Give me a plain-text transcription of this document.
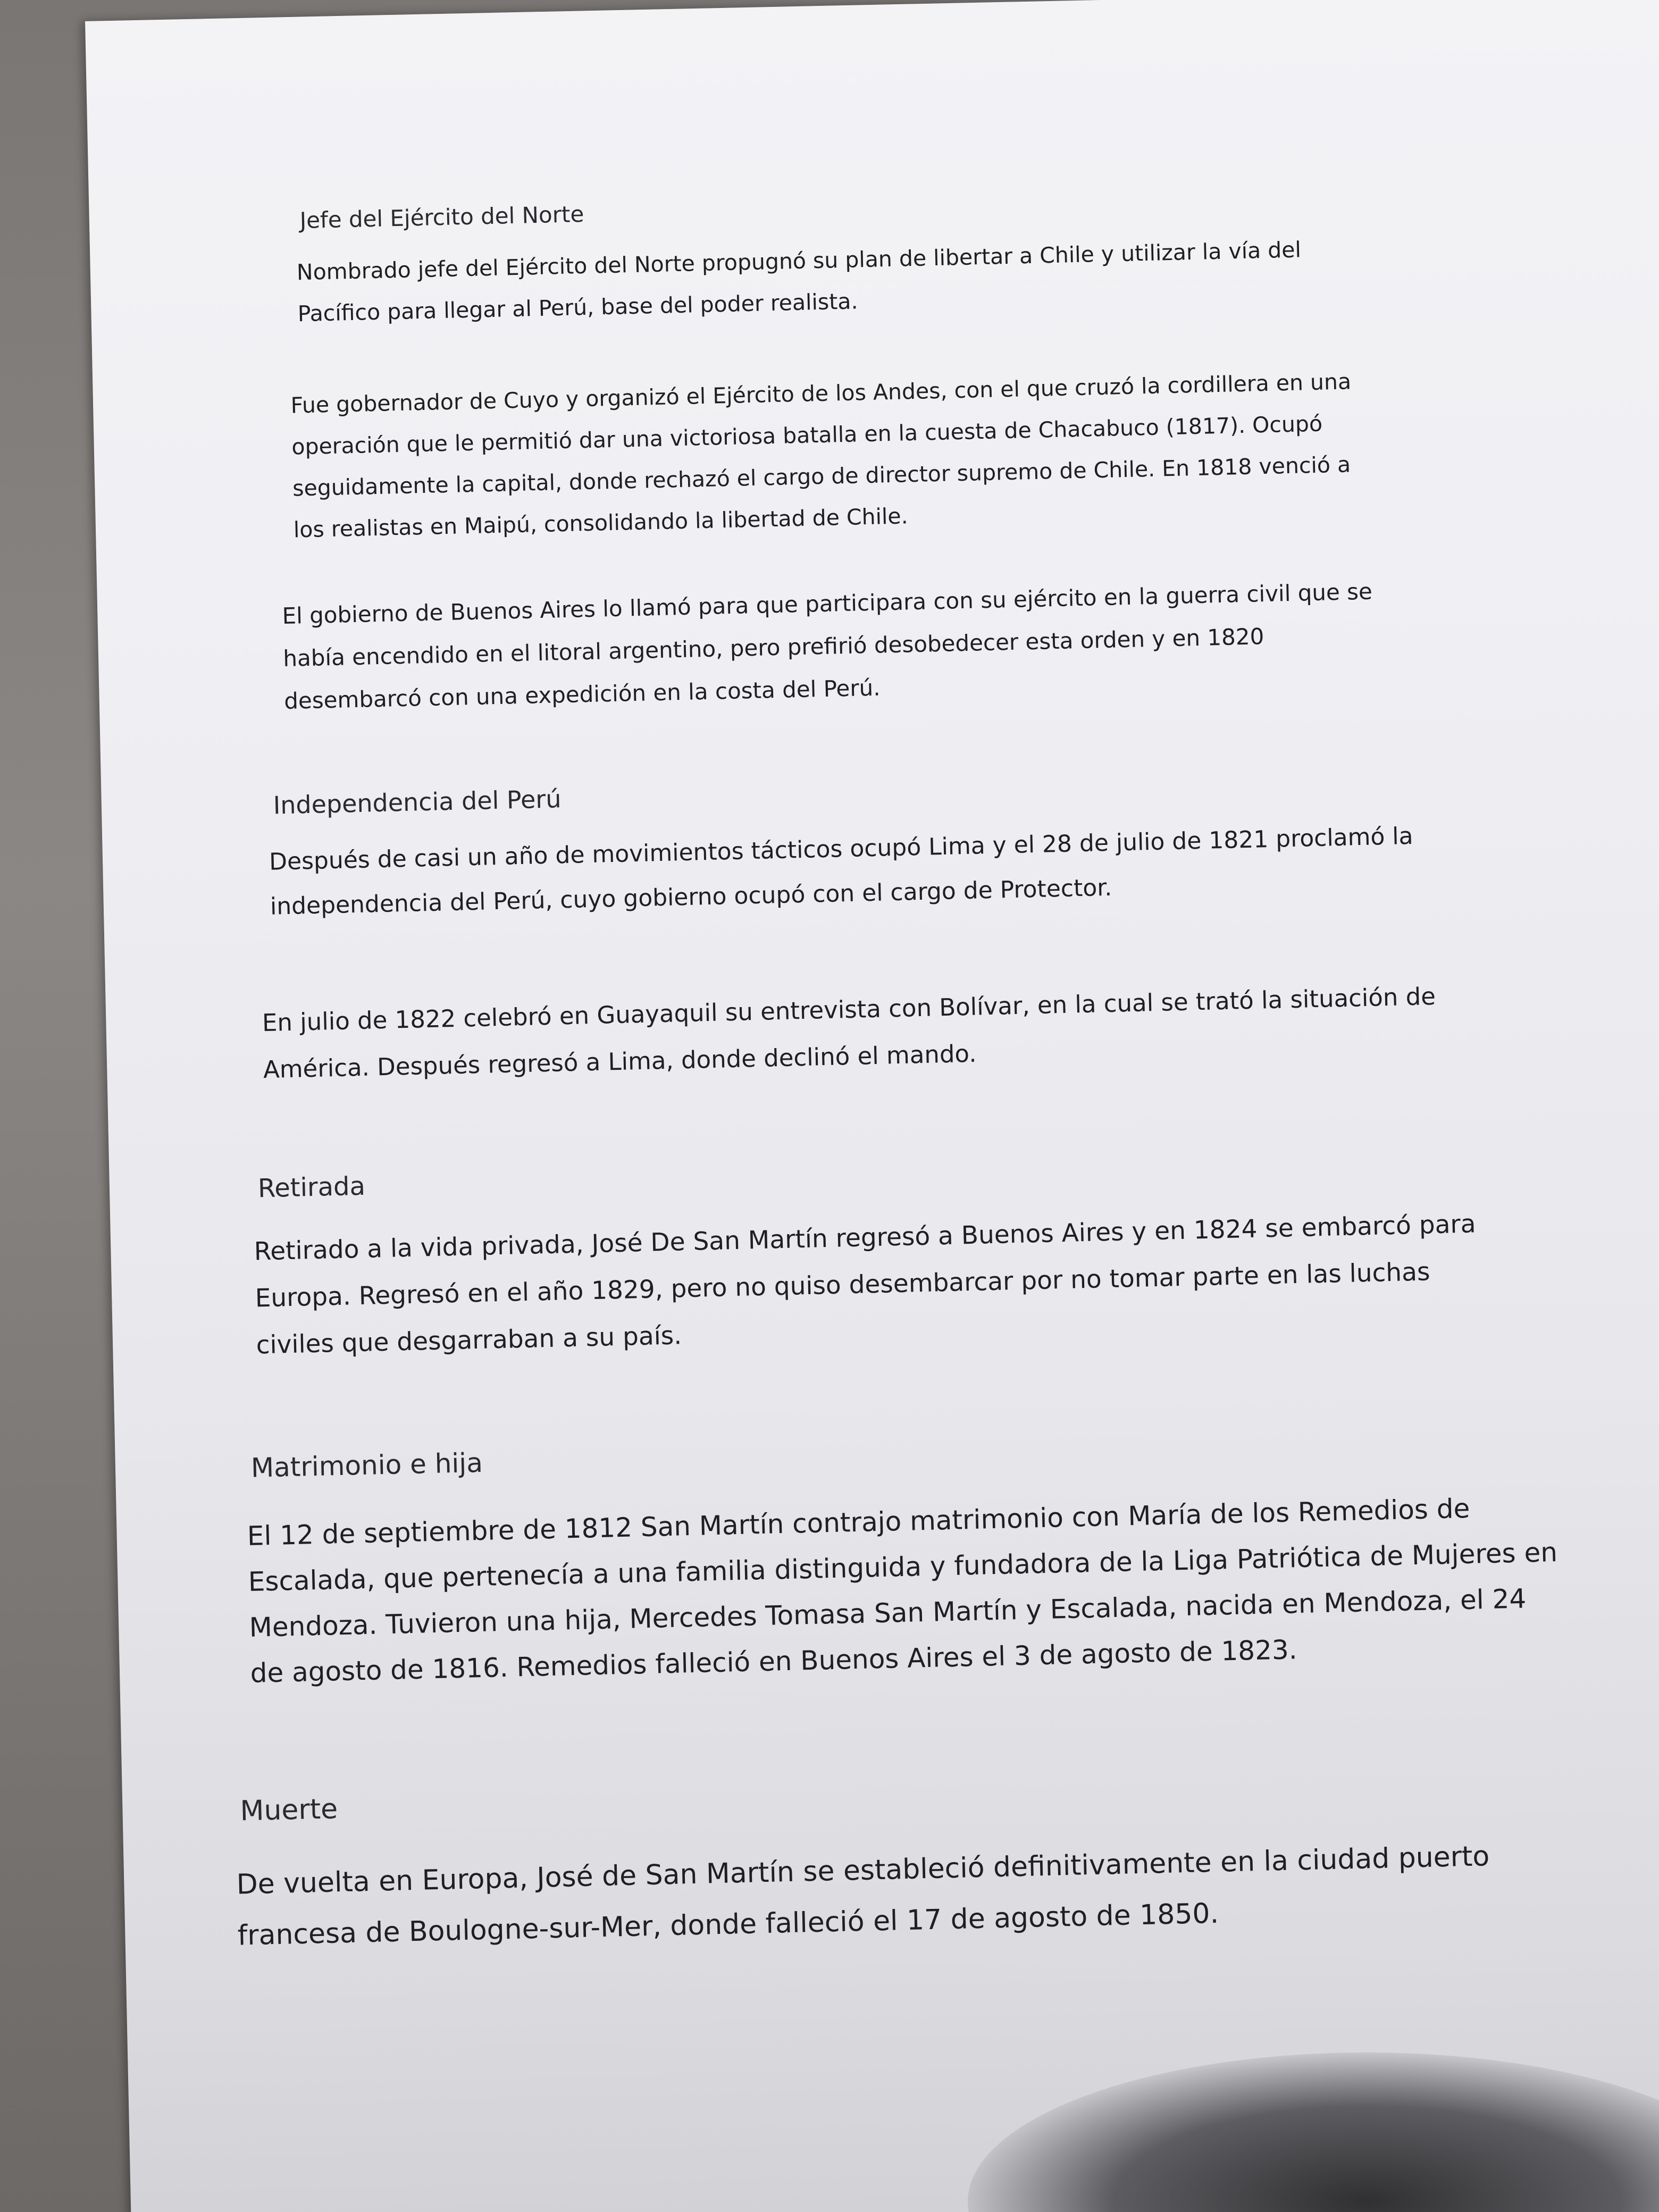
Jefe del Ejército del Norte
Nombrado jefe del Ejército del Norte propugnó su plan de libertar a Chile y utilizar la vía del
Pacífico para llegar al Perú, base del poder realista.
Fue gobernador de Cuyo y organizó el Ejército de los Andes, con el que cruzó la cordillera en una
operación que le permitió dar una victoriosa batalla en la cuesta de Chacabuco (1817). Ocupó
seguidamente la capital, donde rechazó el cargo de director supremo de Chile. En 1818 venció a
los realistas en Maipú, consolidando la libertad de Chile.
El gobierno de Buenos Aires lo llamó para que participara con su ejército en la guerra civil que se
había encendido en el litoral argentino, pero prefirió desobedecer esta orden y en 1820
desembarcó con una expedición en la costa del Perú.
Independencia del Perú
Después de casi un año de movimientos tácticos ocupó Lima y el 28 de julio de 1821 proclamó la
independencia del Perú, cuyo gobierno ocupó con el cargo de Protector.
En julio de 1822 celebró en Guayaquil su entrevista con Bolívar, en la cual se trató la situación de
América. Después regresó a Lima, donde declinó el mando.
Retirada
Retirado a la vida privada, José De San Martín regresó a Buenos Aires y en 1824 se embarcó para
Europa. Regresó en el año 1829, pero no quiso desembarcar por no tomar parte en las luchas
civiles que desgarraban a su país.
Matrimonio e hija
El 12 de septiembre de 1812 San Martín contrajo matrimonio con María de los Remedios de
Escalada, que pertenecía a una familia distinguida y fundadora de la Liga Patriótica de Mujeres en
Mendoza. Tuvieron una hija, Mercedes Tomasa San Martín y Escalada, nacida en Mendoza, el 24
de agosto de 1816. Remedios falleció en Buenos Aires el 3 de agosto de 1823.
Muerte
De vuelta en Europa, José de San Martín se estableció definitivamente en la ciudad puerto
francesa de Boulogne-sur-Mer, donde falleció el 17 de agosto de 1850.
